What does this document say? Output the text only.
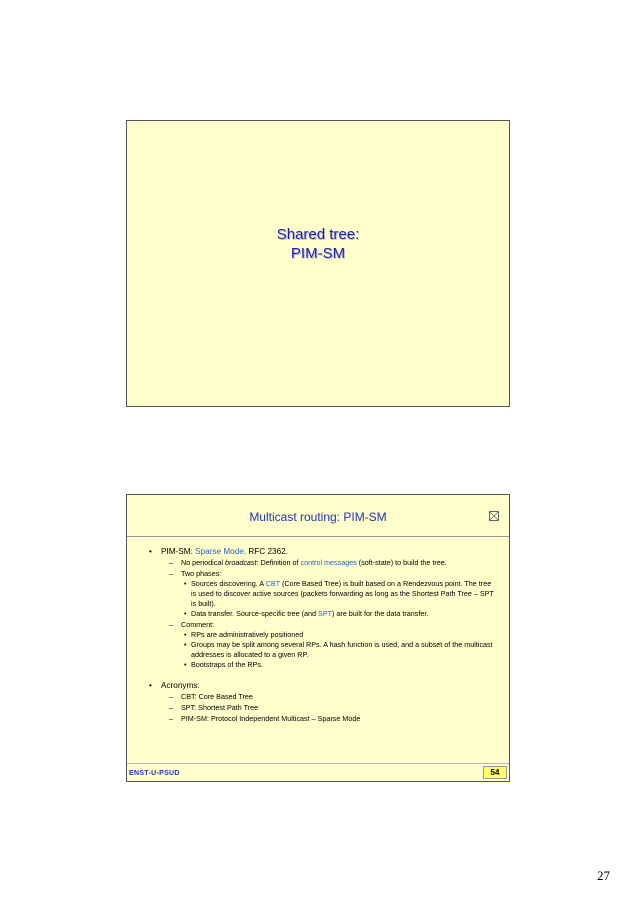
Shared tree:
PIM-SM
Multicast routing: PIM-SM
• PIM-SM: Sparse Mode. RFC 2362.
– No periodical broadcast: Definition of control messages (soft-state) to build the tree.
– Two phases:
• Sources discovering. A CBT (Core Based Tree) is built based on a Rendezvous point. The tree is used to discover active sources (packets forwarding as long as the Shortest Path Tree – SPT is built).
• Data transfer. Source-specific tree (and SPT) are built for the data transfer.
– Comment:
• RPs are administratively positioned
• Groups may be split among several RPs. A hash function is used, and a subset of the multicast addresses is allocated to a given RP.
• Bootstraps of the RPs.
• Acronyms:
– CBT: Core Based Tree
– SPT: Shortest Path Tree
– PIM-SM: Protocol Independent Multicast – Sparse Mode
ENST-U-PSUD	54
27
